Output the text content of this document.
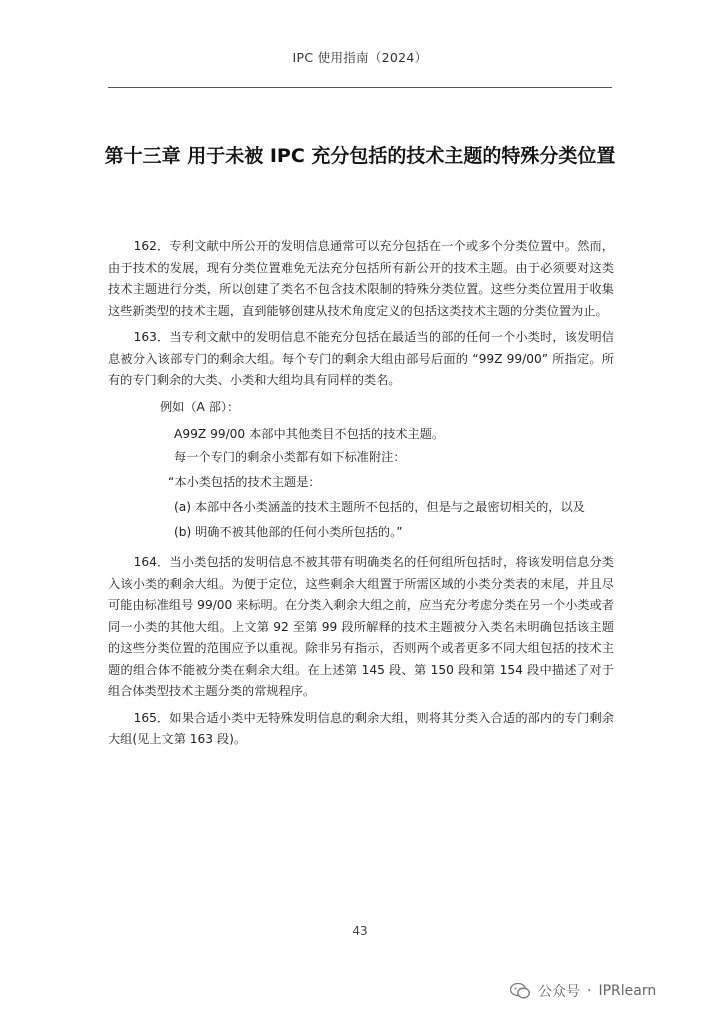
IPC 使用指南（2024）
第十三章 用于未被 IPC 充分包括的技术主题的特殊分类位置

162．专利文献中所公开的发明信息通常可以充分包括在一个或多个分类位置中。然而，由于技术的发展，现有分类位置难免无法充分包括所有新公开的技术主题。由于必须要对这类技术主题进行分类，所以创建了类名不包含技术限制的特殊分类位置。这些分类位置用于收集这些新类型的技术主题，直到能够创建从技术角度定义的包括这类技术主题的分类位置为止。

163．当专利文献中的发明信息不能充分包括在最适当的部的任何一个小类时，该发明信息被分入该部专门的剩余大组。每个专门的剩余大组由部号后面的 “99Z 99/00” 所指定。所有的专门剩余的大类、小类和大组均具有同样的类名。

例如（A 部）：
A99Z 99/00 本部中其他类目不包括的技术主题。
每一个专门的剩余小类都有如下标准附注：
“本小类包括的技术主题是：
(a) 本部中各小类涵盖的技术主题所不包括的，但是与之最密切相关的，以及
(b) 明确不被其他部的任何小类所包括的。”

164．当小类包括的发明信息不被其带有明确类名的任何组所包括时，将该发明信息分类入该小类的剩余大组。为便于定位，这些剩余大组置于所需区域的小类分类表的末尾，并且尽可能由标准组号 99/00 来标明。在分类入剩余大组之前，应当充分考虑分类在另一个小类或者同一小类的其他大组。上文第 92 至第 99 段所解释的技术主题被分入类名未明确包括该主题的这些分类位置的范围应予以重视。除非另有指示，否则两个或者更多不同大组包括的技术主题的组合体不能被分类在剩余大组。在上述第 145 段、第 150 段和第 154 段中描述了对于组合体类型技术主题分类的常规程序。

165．如果合适小类中无特殊发明信息的剩余大组，则将其分类入合适的部内的专门剩余大组(见上文第 163 段)。

43
公众号 · IPRlearn
